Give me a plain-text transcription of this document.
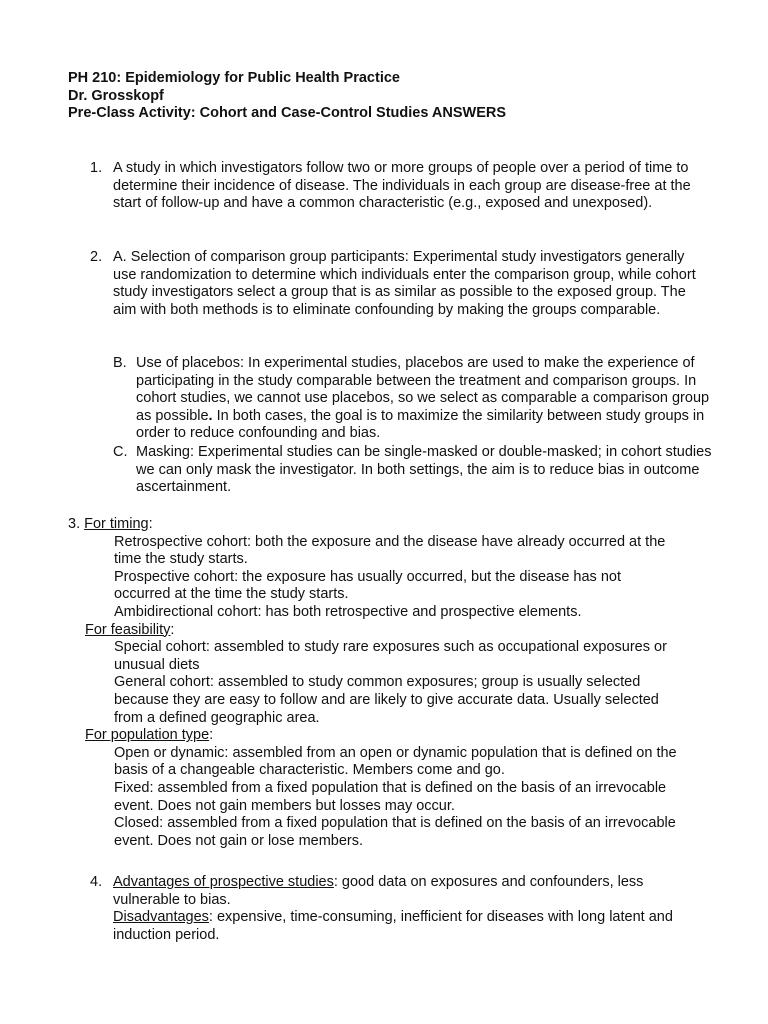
PH 210: Epidemiology for Public Health Practice
Dr. Grosskopf
Pre-Class Activity: Cohort and Case-Control Studies ANSWERS
1. A study in which investigators follow two or more groups of people over a period of time to determine their incidence of disease. The individuals in each group are disease-free at the start of follow-up and have a common characteristic (e.g., exposed and unexposed).
2. A. Selection of comparison group participants: Experimental study investigators generally use randomization to determine which individuals enter the comparison group, while cohort study investigators select a group that is as similar as possible to the exposed group. The aim with both methods is to eliminate confounding by making the groups comparable.
B. Use of placebos: In experimental studies, placebos are used to make the experience of participating in the study comparable between the treatment and comparison groups. In cohort studies, we cannot use placebos, so we select as comparable a comparison group as possible. In both cases, the goal is to maximize the similarity between study groups in order to reduce confounding and bias.
C. Masking: Experimental studies can be single-masked or double-masked; in cohort studies we can only mask the investigator. In both settings, the aim is to reduce bias in outcome ascertainment.
3. For timing:
Retrospective cohort: both the exposure and the disease have already occurred at the
time the study starts.
Prospective cohort: the exposure has usually occurred, but the disease has not
occurred at the time the study starts.
Ambidirectional cohort: has both retrospective and prospective elements.
For feasibility:
Special cohort: assembled to study rare exposures such as occupational exposures or
unusual diets
General cohort: assembled to study common exposures; group is usually selected
because they are easy to follow and are likely to give accurate data. Usually selected
from a defined geographic area.
For population type:
Open or dynamic: assembled from an open or dynamic population that is defined on the
basis of a changeable characteristic. Members come and go.
Fixed: assembled from a fixed population that is defined on the basis of an irrevocable
event. Does not gain members but losses may occur.
Closed: assembled from a fixed population that is defined on the basis of an irrevocable
event. Does not gain or lose members.
4. Advantages of prospective studies: good data on exposures and confounders, less vulnerable to bias.
Disadvantages: expensive, time-consuming, inefficient for diseases with long latent and induction period.
